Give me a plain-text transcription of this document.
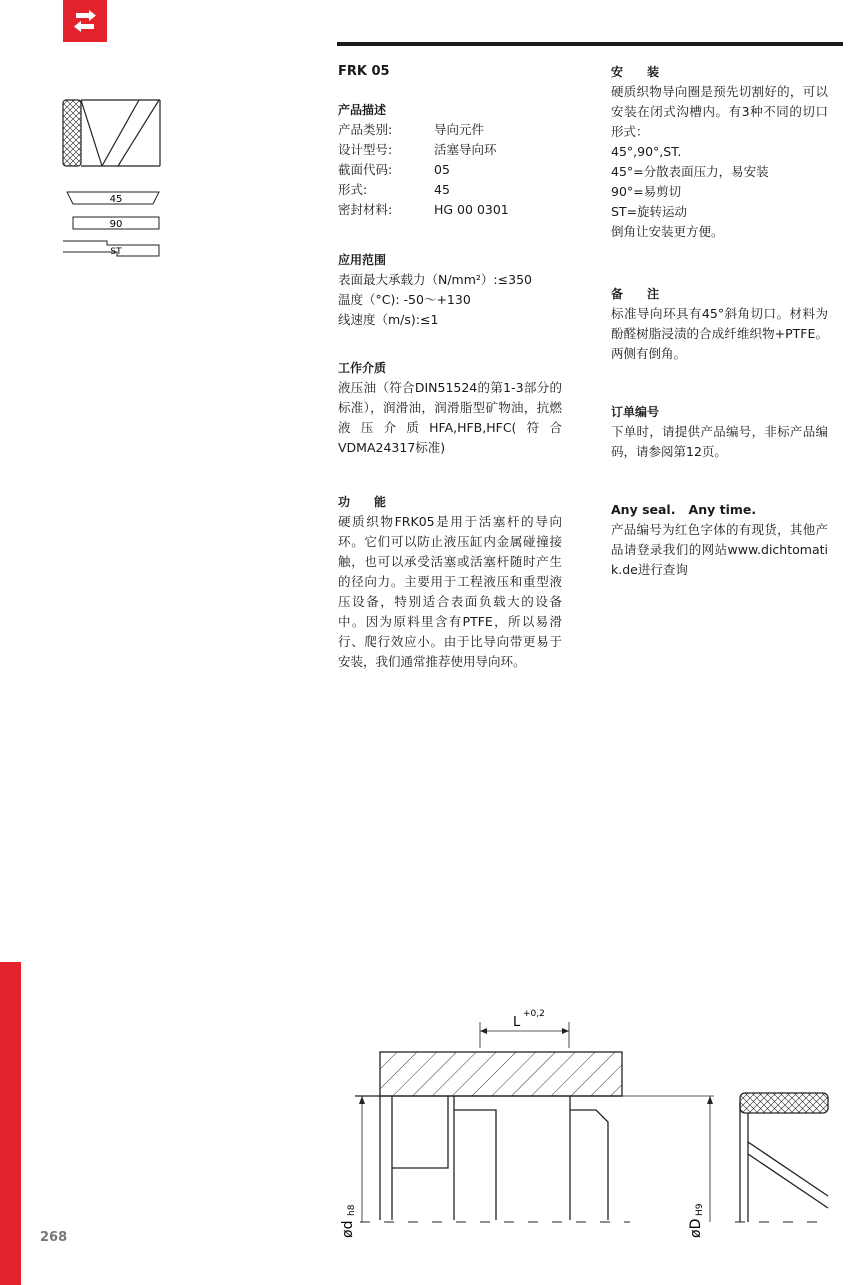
45
90
ST
FRK 05
产品描述
产品类别:	导向元件
设计型号:	活塞导向环
截面代码:	05
形式:	45
密封材料:	HG 00 0301
应用范围
表面最大承载力（N/mm²）:≤350
温度（°C): -50～+130
线速度（m/s):≤1
工作介质
液压油（符合DIN51524的第1-3部分的标准），润滑油，润滑脂型矿物油，抗燃液压介质HFA,HFB,HFC(符合VDMA24317标准)
功　　能
硬质织物FRK05是用于活塞杆的导向环。它们可以防止液压缸内金属碰撞接触，也可以承受活塞或活塞杆随时产生的径向力。主要用于工程液压和重型液压设备，特别适合表面负载大的设备中。因为原料里含有PTFE，所以易滑行、爬行效应小。由于比导向带更易于安装，我们通常推荐使用导向环。
安　　装
硬质织物导向圈是预先切割好的，可以安装在闭式沟槽内。有3种不同的切口形式：
45°,90°,ST.
45°=分散表面压力，易安装
90°=易剪切
ST=旋转运动
倒角让安装更方便。
备　　注
标准导向环具有45°斜角切口。材料为酚醛树脂浸渍的合成纤维织物+PTFE。两侧有倒角。
订单编号
下单时，请提供产品编号，非标产品编码，请参阅第12页。
Any seal.   Any time.
产品编号为红色字体的有现货，其他产品请登录我们的网站www.dichtomatik.de进行查询
L
+0,2
ød
h8
øD
H9
268
